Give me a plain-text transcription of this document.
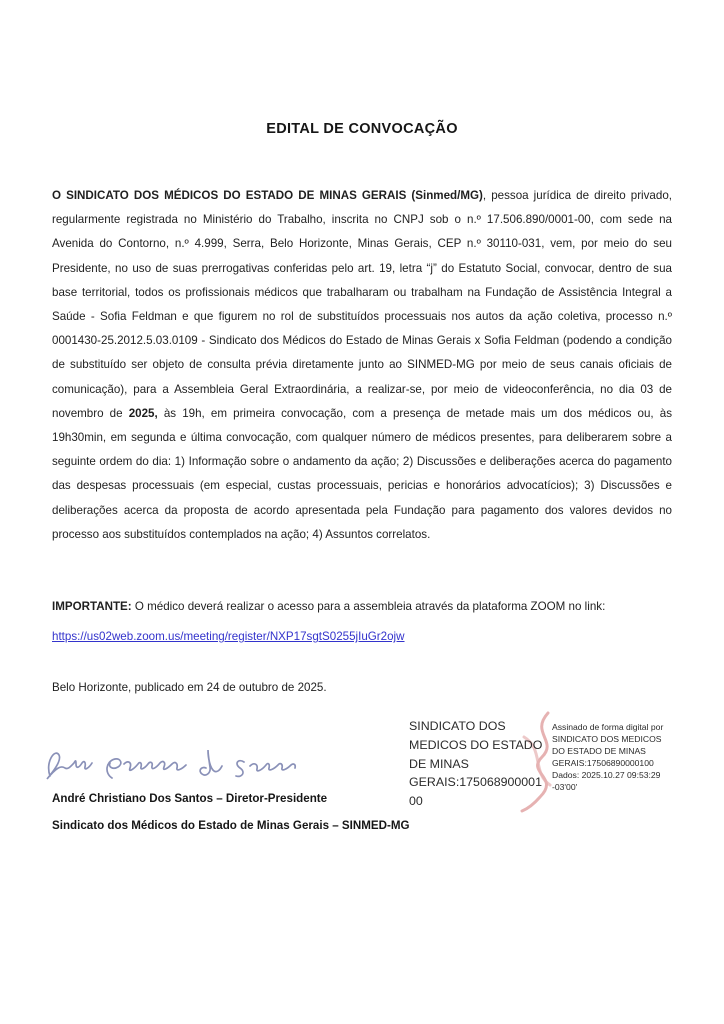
EDITAL DE CONVOCAÇÃO
O SINDICATO DOS MÉDICOS DO ESTADO DE MINAS GERAIS (Sinmed/MG), pessoa jurídica de direito privado, regularmente registrada no Ministério do Trabalho, inscrita no CNPJ sob o n.º 17.506.890/0001-00, com sede na Avenida do Contorno, n.º 4.999, Serra, Belo Horizonte, Minas Gerais, CEP n.º 30110-031, vem, por meio do seu Presidente, no uso de suas prerrogativas conferidas pelo art. 19, letra “j” do Estatuto Social, convocar, dentro de sua base territorial, todos os profissionais médicos que trabalharam ou trabalham na Fundação de Assistência Integral a Saúde - Sofia Feldman e que figurem no rol de substituídos processuais nos autos da ação coletiva, processo n.º 0001430-25.2012.5.03.0109 - Sindicato dos Médicos do Estado de Minas Gerais x Sofia Feldman (podendo a condição de substituído ser objeto de consulta prévia diretamente junto ao SINMED-MG por meio de seus canais oficiais de comunicação), para a Assembleia Geral Extraordinária, a realizar-se, por meio de videoconferência, no dia 03 de novembro de 2025, às 19h, em primeira convocação, com a presença de metade mais um dos médicos ou, às 19h30min, em segunda e última convocação, com qualquer número de médicos presentes, para deliberarem sobre a seguinte ordem do dia: 1) Informação sobre o andamento da ação; 2) Discussões e deliberações acerca do pagamento das despesas processuais (em especial, custas processuais, pericias e honorários advocatícios); 3) Discussões e deliberações acerca da proposta de acordo apresentada pela Fundação para pagamento dos valores devidos no processo aos substituídos contemplados na ação; 4) Assuntos correlatos.
IMPORTANTE: O médico deverá realizar o acesso para a assembleia através da plataforma ZOOM no link:
https://us02web.zoom.us/meeting/register/NXP17sgtS0255jIuGr2ojw
Belo Horizonte, publicado em 24 de outubro de 2025.
SINDICATO DOS
MEDICOS DO ESTADO
DE MINAS
GERAIS:175068900001
00
Assinado de forma digital por
SINDICATO DOS MEDICOS
DO ESTADO DE MINAS
GERAIS:17506890000100
Dados: 2025.10.27 09:53:29
-03'00'
André Christiano Dos Santos – Diretor-Presidente
Sindicato dos Médicos do Estado de Minas Gerais – SINMED-MG
